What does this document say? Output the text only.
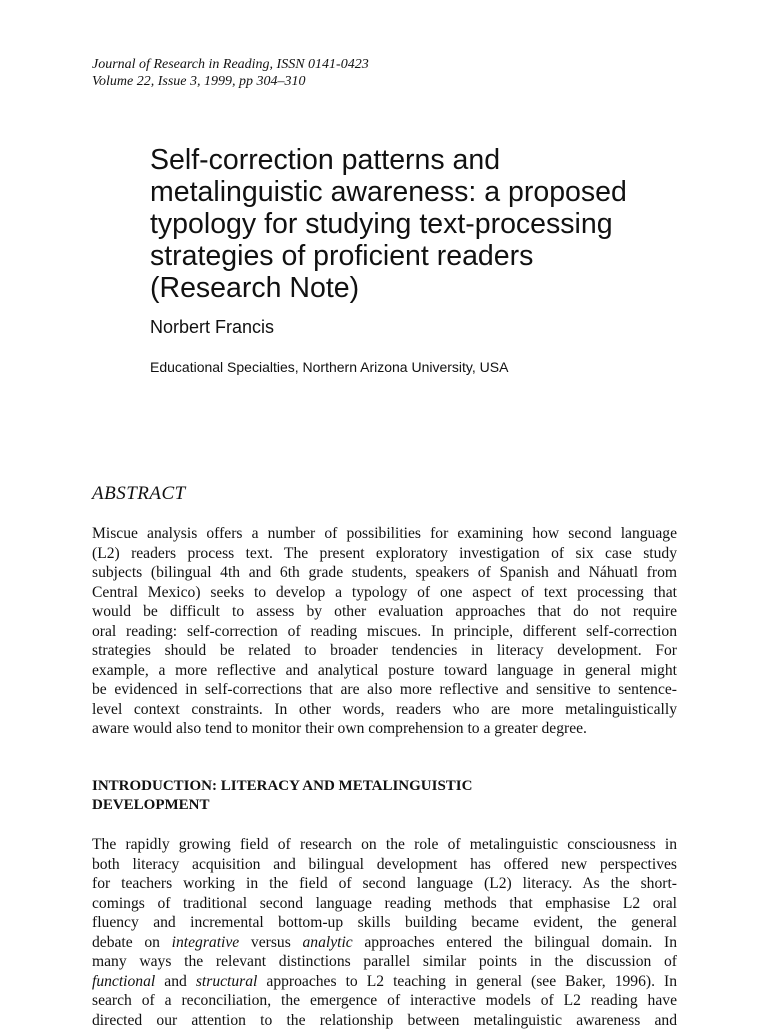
Journal of Research in Reading, ISSN 0141-0423
Volume 22, Issue 3, 1999, pp 304–310
Self-correction patterns and
metalinguistic awareness: a proposed
typology for studying text-processing
strategies of proficient readers
(Research Note)
Norbert Francis
Educational Specialties, Northern Arizona University, USA
ABSTRACT
Miscue analysis offers a number of possibilities for examining how second language
(L2) readers process text. The present exploratory investigation of six case study
subjects (bilingual 4th and 6th grade students, speakers of Spanish and Náhuatl from
Central Mexico) seeks to develop a typology of one aspect of text processing that
would be difficult to assess by other evaluation approaches that do not require
oral reading: self-correction of reading miscues. In principle, different self-correction
strategies should be related to broader tendencies in literacy development. For
example, a more reflective and analytical posture toward language in general might
be evidenced in self-corrections that are also more reflective and sensitive to sentence-
level context constraints. In other words, readers who are more metalinguistically
aware would also tend to monitor their own comprehension to a greater degree.
INTRODUCTION: LITERACY AND METALINGUISTIC
DEVELOPMENT
The rapidly growing field of research on the role of metalinguistic consciousness in
both literacy acquisition and bilingual development has offered new perspectives
for teachers working in the field of second language (L2) literacy. As the short-
comings of traditional second language reading methods that emphasise L2 oral
fluency and incremental bottom-up skills building became evident, the general
debate on integrative versus analytic approaches entered the bilingual domain. In
many ways the relevant distinctions parallel similar points in the discussion of
functional and structural approaches to L2 teaching in general (see Baker, 1996). In
search of a reconciliation, the emergence of interactive models of L2 reading have
directed our attention to the relationship between metalinguistic awareness and
